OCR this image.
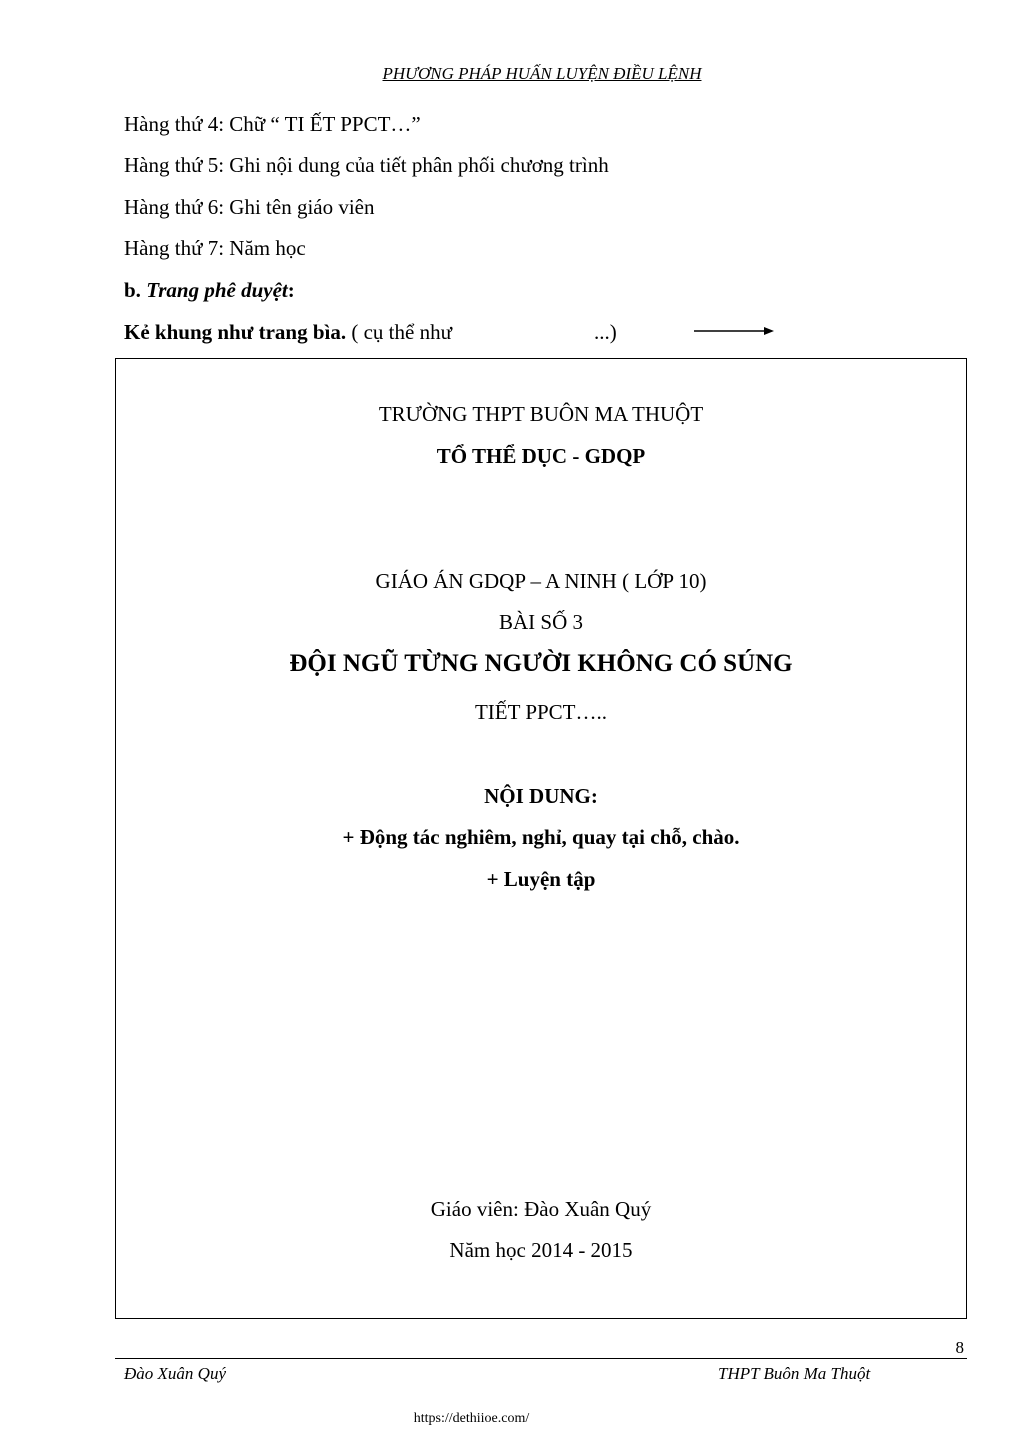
PHƯƠNG PHÁP HUẤN LUYỆN ĐIỀU LỆNH
Hàng thứ 4: Chữ “ TI ẾT PPCT…”
Hàng thứ 5: Ghi nội dung của tiết phân phối chương trình
Hàng thứ 6: Ghi tên giáo viên
Hàng thứ 7: Năm học
b. Trang phê duyệt:
Kẻ khung như trang bìa. ( cụ thể như	...)
TRƯỜNG THPT BUÔN MA THUỘT
TỔ THỂ DỤC - GDQP
GIÁO ÁN GDQP – A NINH ( LỚP 10)
BÀI SỐ 3
ĐỘI NGŨ TỪNG NGƯỜI KHÔNG CÓ SÚNG
TIẾT PPCT…..
NỘI DUNG:
+ Động tác nghiêm, nghỉ, quay tại chỗ, chào.
+ Luyện tập
Giáo viên: Đào Xuân Quý
Năm học 2014 - 2015
8
Đào Xuân Quý	THPT Buôn Ma Thuột
https://dethiioe.com/
